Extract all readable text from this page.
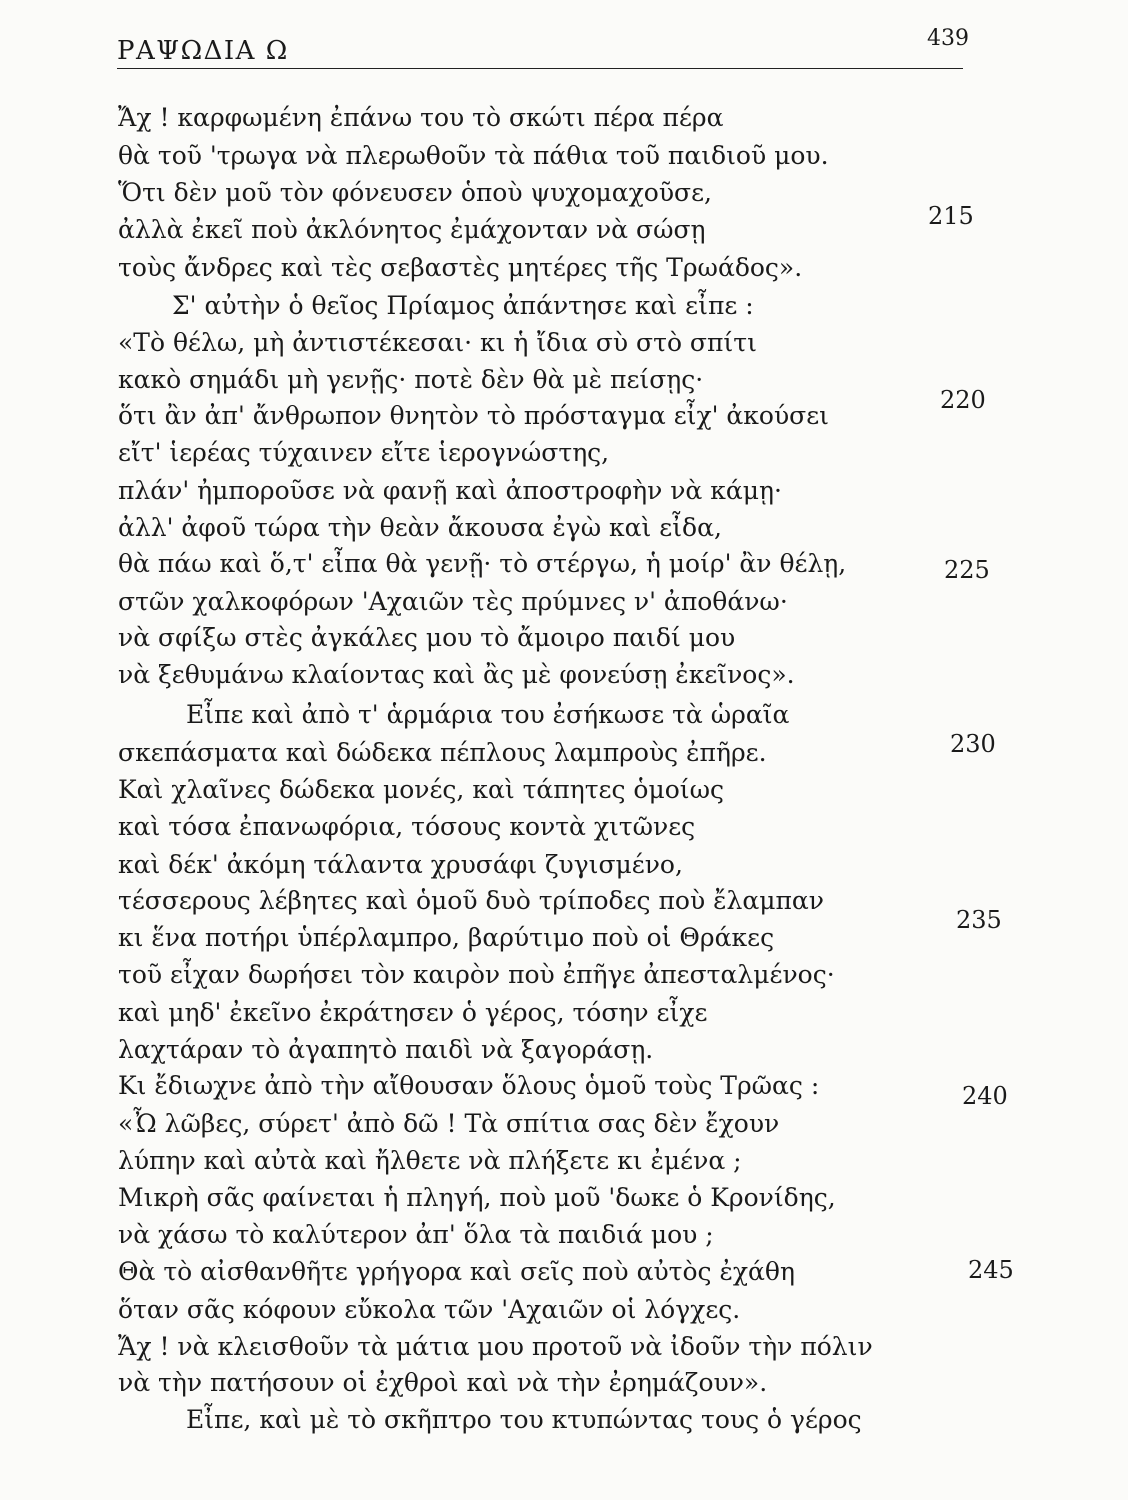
ΡΑΨΩΔΙΑ Ω	439
Ἄχ ! καρφωμένη ἐπάνω του τὸ σκώτι πέρα πέρα
θὰ τοῦ 'τρωγα νὰ πλερωθοῦν τὰ πάθια τοῦ παιδιοῦ μου.
Ὅτι δὲν μοῦ τὸν φόνευσεν ὁποὺ ψυχομαχοῦσε,
ἀλλὰ ἐκεῖ ποὺ ἀκλόνητος ἐμάχονταν νὰ σώσῃ
τοὺς ἄνδρες καὶ τὲς σεβαστὲς μητέρες τῆς Τρωάδος».
Σ' αὐτὴν ὁ θεῖος Πρίαμος ἀπάντησε καὶ εἶπε :
«Τὸ θέλω, μὴ ἀντιστέκεσαι· κι ἡ ἴδια σὺ στὸ σπίτι
κακὸ σημάδι μὴ γενῇς· ποτὲ δὲν θὰ μὲ πείσῃς·
ὅτι ἂν ἀπ' ἄνθρωπον θνητὸν τὸ πρόσταγμα εἶχ' ἀκούσει
εἴτ' ἱερέας τύχαινεν εἴτε ἱερογνώστης,
πλάν' ἠμποροῦσε νὰ φανῇ καὶ ἀποστροφὴν νὰ κάμῃ·
ἀλλ' ἀφοῦ τώρα τὴν θεὰν ἄκουσα ἐγὼ καὶ εἶδα,
θὰ πάω καὶ ὅ,τ' εἶπα θὰ γενῇ· τὸ στέργω, ἡ μοίρ' ἂν θέλῃ,
στῶν χαλκοφόρων 'Αχαιῶν τὲς πρύμνες ν' ἀποθάνω·
νὰ σφίξω στὲς ἀγκάλες μου τὸ ἄμοιρο παιδί μου
νὰ ξεθυμάνω κλαίοντας καὶ ἂς μὲ φονεύσῃ ἐκεῖνος».
Εἶπε καὶ ἀπὸ τ' ἁρμάρια του ἐσήκωσε τὰ ὡραῖα
σκεπάσματα καὶ δώδεκα πέπλους λαμπροὺς ἐπῆρε.
Καὶ χλαῖνες δώδεκα μονές, καὶ τάπητες ὁμοίως
καὶ τόσα ἐπανωφόρια, τόσους κοντὰ χιτῶνες
καὶ δέκ' ἀκόμη τάλαντα χρυσάφι ζυγισμένο,
τέσσερους λέβητες καὶ ὁμοῦ δυὸ τρίποδες ποὺ ἔλαμπαν
κι ἕνα ποτήρι ὑπέρλαμπρο, βαρύτιμο ποὺ οἱ Θράκες
τοῦ εἶχαν δωρήσει τὸν καιρὸν ποὺ ἐπῆγε ἀπεσταλμένος·
καὶ μηδ' ἐκεῖνο ἐκράτησεν ὁ γέρος, τόσην εἶχε
λαχτάραν τὸ ἀγαπητὸ παιδὶ νὰ ξαγοράσῃ.
Κι ἔδιωχνε ἀπὸ τὴν αἴθουσαν ὅλους ὁμοῦ τοὺς Τρῶας :
«Ὦ λῶβες, σύρετ' ἀπὸ δῶ ! Τὰ σπίτια σας δὲν ἔχουν
λύπην καὶ αὐτὰ καὶ ἤλθετε νὰ πλήξετε κι ἐμένα ;
Μικρὴ σᾶς φαίνεται ἡ πληγή, ποὺ μοῦ 'δωκε ὁ Κρονίδης,
νὰ χάσω τὸ καλύτερον ἀπ' ὅλα τὰ παιδιά μου ;
Θὰ τὸ αἰσθανθῆτε γρήγορα καὶ σεῖς ποὺ αὐτὸς ἐχάθη
ὅταν σᾶς κόφουν εὔκολα τῶν 'Αχαιῶν οἱ λόγχες.
Ἄχ ! νὰ κλεισθοῦν τὰ μάτια μου προτοῦ νὰ ἰδοῦν τὴν πόλιν
νὰ τὴν πατήσουν οἱ ἐχθροὶ καὶ νὰ τὴν ἐρημάζουν».
Εἶπε, καὶ μὲ τὸ σκῆπτρο του κτυπώντας τους ὁ γέρος
215
220
225
230
235
240
245
